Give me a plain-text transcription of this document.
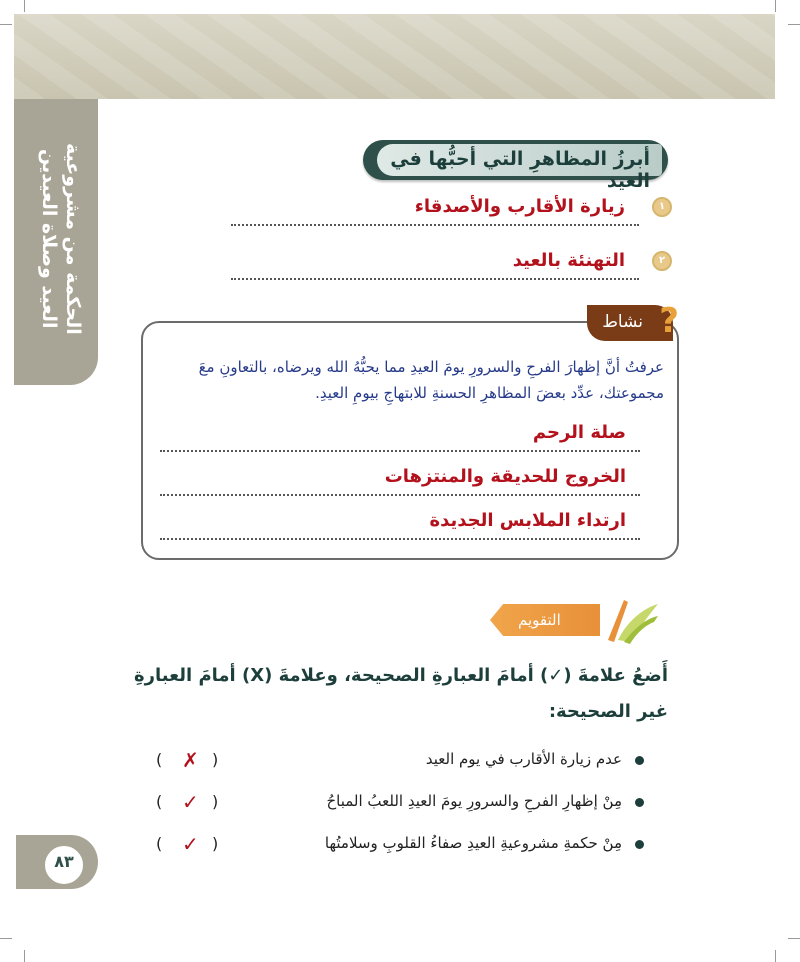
الحكمة من مشروعية
العيد وصلاة العيدين	أبرزُ المظاهرِ التي أحبُّها في العيد
١
زيارة الأقارب والأصدقاء
٢
التهنئة بالعيد
نشاط ?
عرفتُ أنَّ إظهارَ الفرحِ والسرورِ يومَ العيدِ مما يحبُّهُ الله ويرضاه، بالتعاونِ معَ مجموعتك، عدِّد بعضَ المظاهرِ الحسنةِ للابتهاجِ بيومِ العيدِ.
صلة الرحم
الخروج للحديقة والمنتزهات
ارتداء الملابس الجديدة
التقويم
أَضعُ علامةَ (✓) أمامَ العبارةِ الصحيحة، وعلامةَ (X) أمامَ العبارةِ غير الصحيحة:
عدم زيارة الأقارب في يوم العيد
(
✗
)
مِنْ إظهارِ الفرحِ والسرورِ يومَ العيدِ اللعبُ المباحُ
(
✓
)
مِنْ حكمةِ مشروعيةِ العيدِ صفاءُ القلوبِ وسلامتُها
(
✓
)
٨٣
